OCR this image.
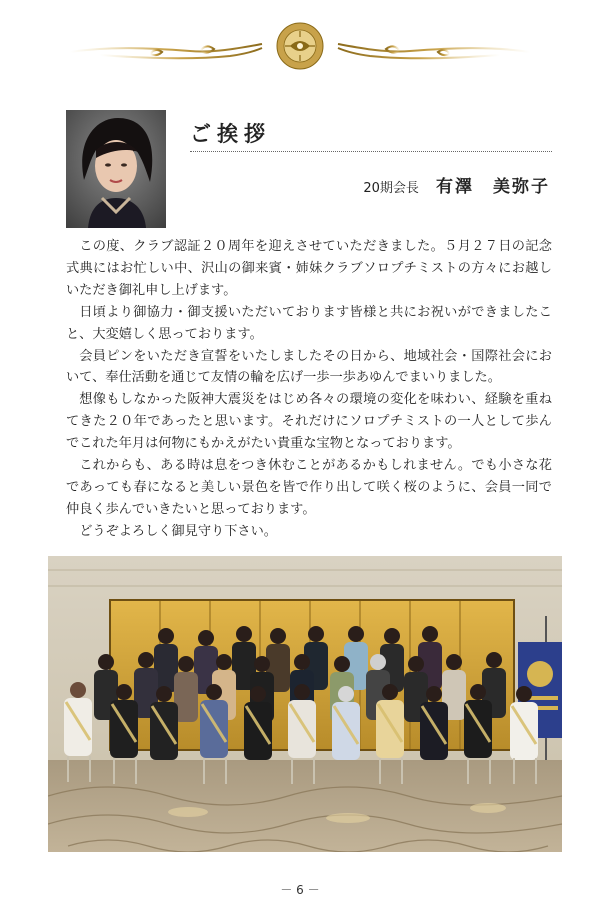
ご挨拶
20期会長 有澤　美弥子

この度、クラブ認証２０周年を迎えさせていただきました。５月２７日の記念式典にはお忙しい中、沢山の御来賓・姉妹クラブソロプチミストの方々にお越しいただき御礼申し上げます。

日頃より御協力・御支援いただいております皆様と共にお祝いができましたこと、大変嬉しく思っております。

会員ピンをいただき宣誓をいたしましたその日から、地域社会・国際社会において、奉仕活動を通じて友情の輪を広げ一歩一歩あゆんでまいりました。

想像もしなかった阪神大震災をはじめ各々の環境の変化を味わい、経験を重ねてきた２０年であったと思います。それだけにソロプチミストの一人として歩んでこれた年月は何物にもかえがたい貴重な宝物となっております。

これからも、ある時は息をつき休むことがあるかもしれません。でも小さな花であっても春になると美しい景色を皆で作り出して咲く桜のように、会員一同で仲良く歩んでいきたいと思っております。

どうぞよろしく御見守り下さい。

－ 6 －
